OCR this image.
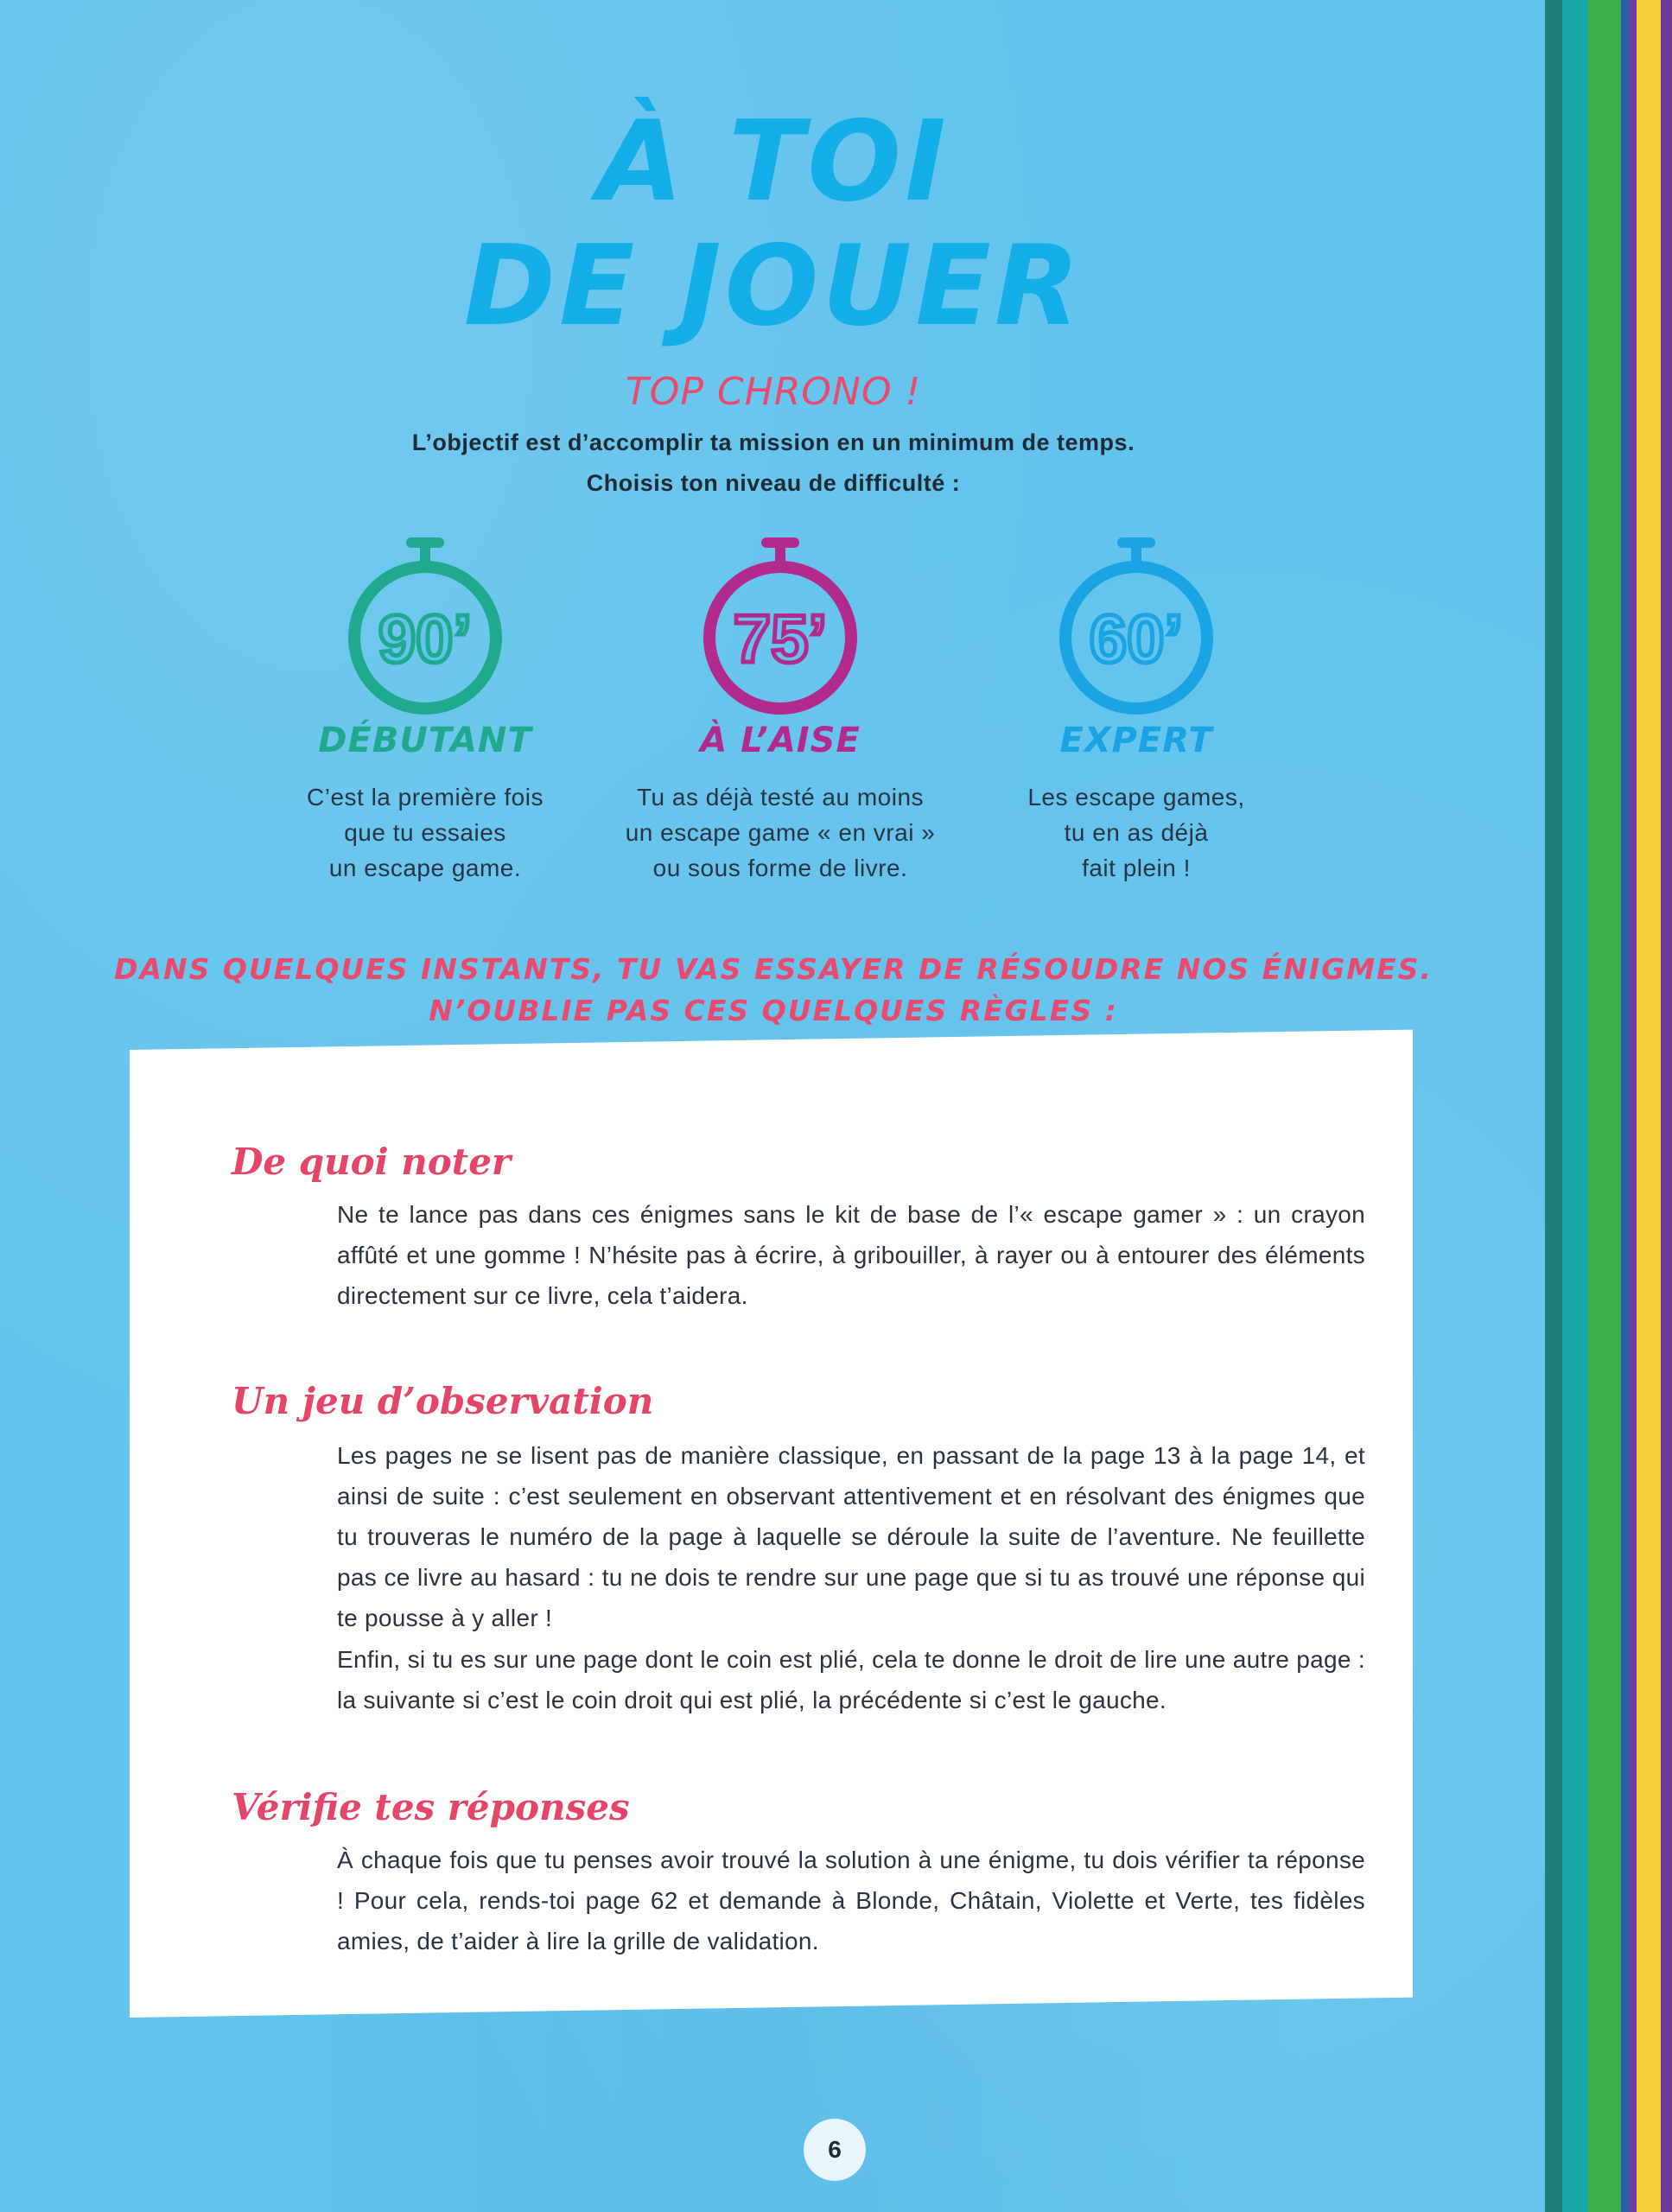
À TOI
DE JOUER

TOP CHRONO !

L’objectif est d’accomplir ta mission en un minimum de temps.

Choisis ton niveau de difficulté :

90’

DÉBUTANT

C’est la première fois
que tu essaies
un escape game.

75’

À L’AISE

Tu as déjà testé au moins
un escape game « en vrai »
ou sous forme de livre.

60’

EXPERT

Les escape games,
tu en as déjà
fait plein !

DANS QUELQUES INSTANTS, TU VAS ESSAYER DE RÉSOUDRE NOS ÉNIGMES.
N’OUBLIE PAS CES QUELQUES RÈGLES :
De quoi noter

Ne te lance pas dans ces énigmes sans le kit de base de l’« escape gamer » : un crayon affûté et une gomme ! N’hésite pas à écrire, à gribouiller, à rayer ou à entourer des éléments directement sur ce livre, cela t’aidera.

Un jeu d’observation

Les pages ne se lisent pas de manière classique, en passant de la page 13 à la page 14, et ainsi de suite : c’est seulement en observant attentivement et en résolvant des énigmes que tu trouveras le numéro de la page à laquelle se déroule la suite de l’aventure. Ne feuillette pas ce livre au hasard : tu ne dois te rendre sur une page que si tu as trouvé une réponse qui te pousse à y aller !

Enfin, si tu es sur une page dont le coin est plié, cela te donne le droit de lire une autre page : la suivante si c’est le coin droit qui est plié, la précédente si c’est le gauche.

Vérifie tes réponses

À chaque fois que tu penses avoir trouvé la solution à une énigme, tu dois vérifier ta réponse ! Pour cela, rends-toi page 62 et demande à Blonde, Châtain, Violette et Verte, tes fidèles amies, de t’aider à lire la grille de validation.

6
